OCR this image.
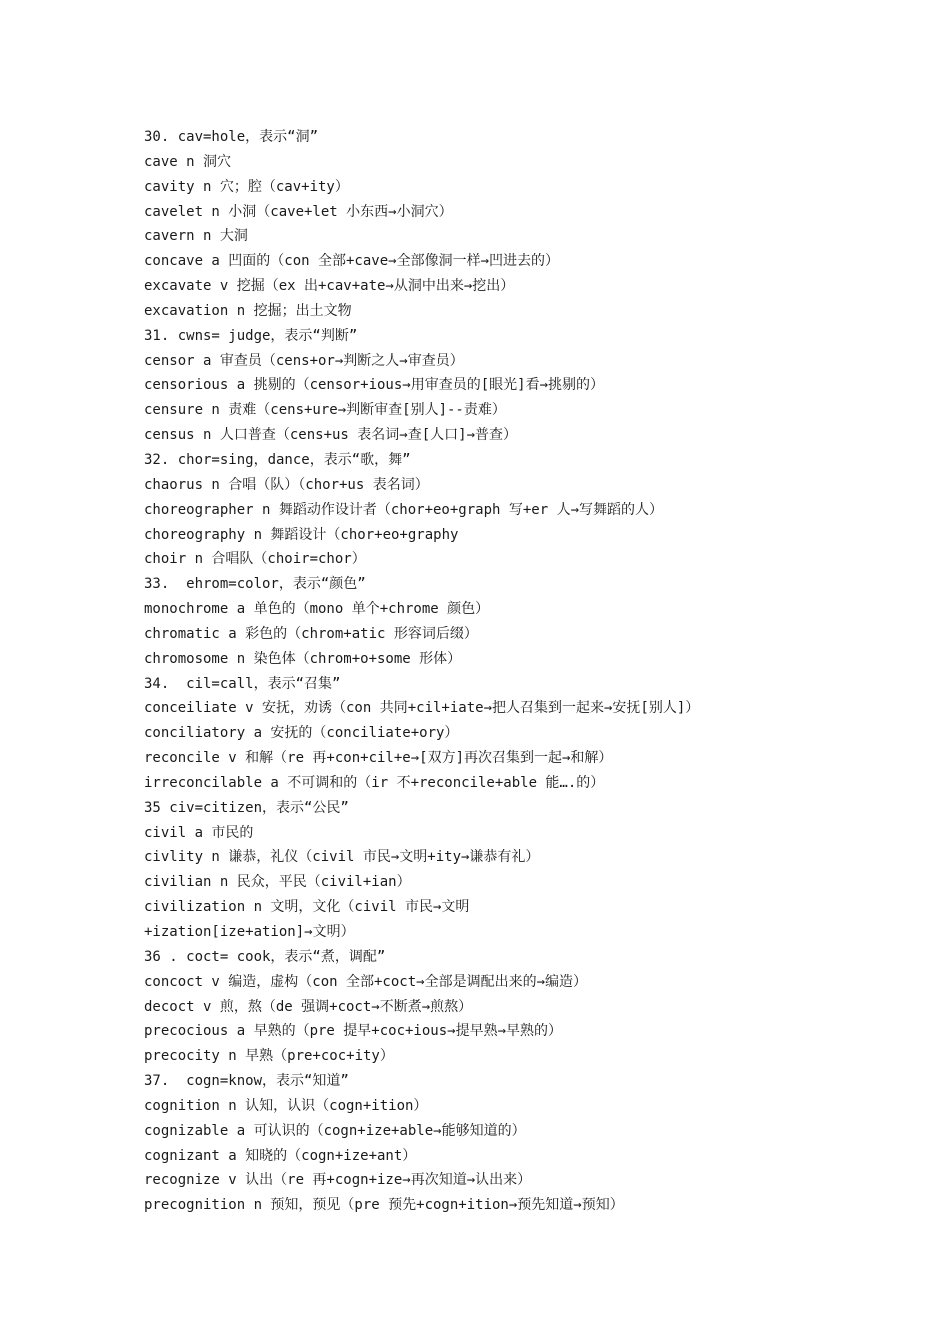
30. cav=hole，表示“洞”
cave n 洞穴
cavity n 穴；腔（cav+ity）
cavelet n 小洞（cave+let 小东西→小洞穴）
cavern n 大洞
concave a 凹面的（con 全部+cave→全部像洞一样→凹进去的）
excavate v 挖掘（ex 出+cav+ate→从洞中出来→挖出）
excavation n 挖掘；出土文物
31. cwns= judge，表示“判断”
censor a 审查员（cens+or→判断之人→审查员）
censorious a 挑剔的（censor+ious→用审查员的[眼光]看→挑剔的）
censure n 责难（cens+ure→判断审查[别人]--责难）
census n 人口普查（cens+us 表名词→查[人口]→普查）
32. chor=sing，dance，表示“歌，舞”
chaorus n 合唱（队）（chor+us 表名词）
choreographer n 舞蹈动作设计者（chor+eo+graph 写+er 人→写舞蹈的人）
choreography n 舞蹈设计（chor+eo+graphy
choir n 合唱队（choir=chor）
33.  ehrom=color，表示“颜色”
monochrome a 单色的（mono 单个+chrome 颜色）
chromatic a 彩色的（chrom+atic 形容词后缀）
chromosome n 染色体（chrom+o+some 形体）
34.  cil=call，表示“召集”
conceiliate v 安抚，劝诱（con 共同+cil+iate→把人召集到一起来→安抚[别人]）
conciliatory a 安抚的（conciliate+ory）
reconcile v 和解（re 再+con+cil+e→[双方]再次召集到一起→和解）
irreconcilable a 不可调和的（ir 不+reconcile+able 能….的）
35 civ=citizen，表示“公民”
civil a 市民的
civlity n 谦恭，礼仪（civil 市民→文明+ity→谦恭有礼）
civilian n 民众，平民（civil+ian）
civilization n 文明，文化（civil 市民→文明
+ization[ize+ation]→文明）
36 . coct= cook，表示“煮，调配”
concoct v 编造，虚构（con 全部+coct→全部是调配出来的→编造）
decoct v 煎，熬（de 强调+coct→不断煮→煎熬）
precocious a 早熟的（pre 提早+coc+ious→提早熟→早熟的）
precocity n 早熟（pre+coc+ity）
37.  cogn=know，表示“知道”
cognition n 认知，认识（cogn+ition）
cognizable a 可认识的（cogn+ize+able→能够知道的）
cognizant a 知晓的（cogn+ize+ant）
recognize v 认出（re 再+cogn+ize→再次知道→认出来）
precognition n 预知，预见（pre 预先+cogn+ition→预先知道→预知）
